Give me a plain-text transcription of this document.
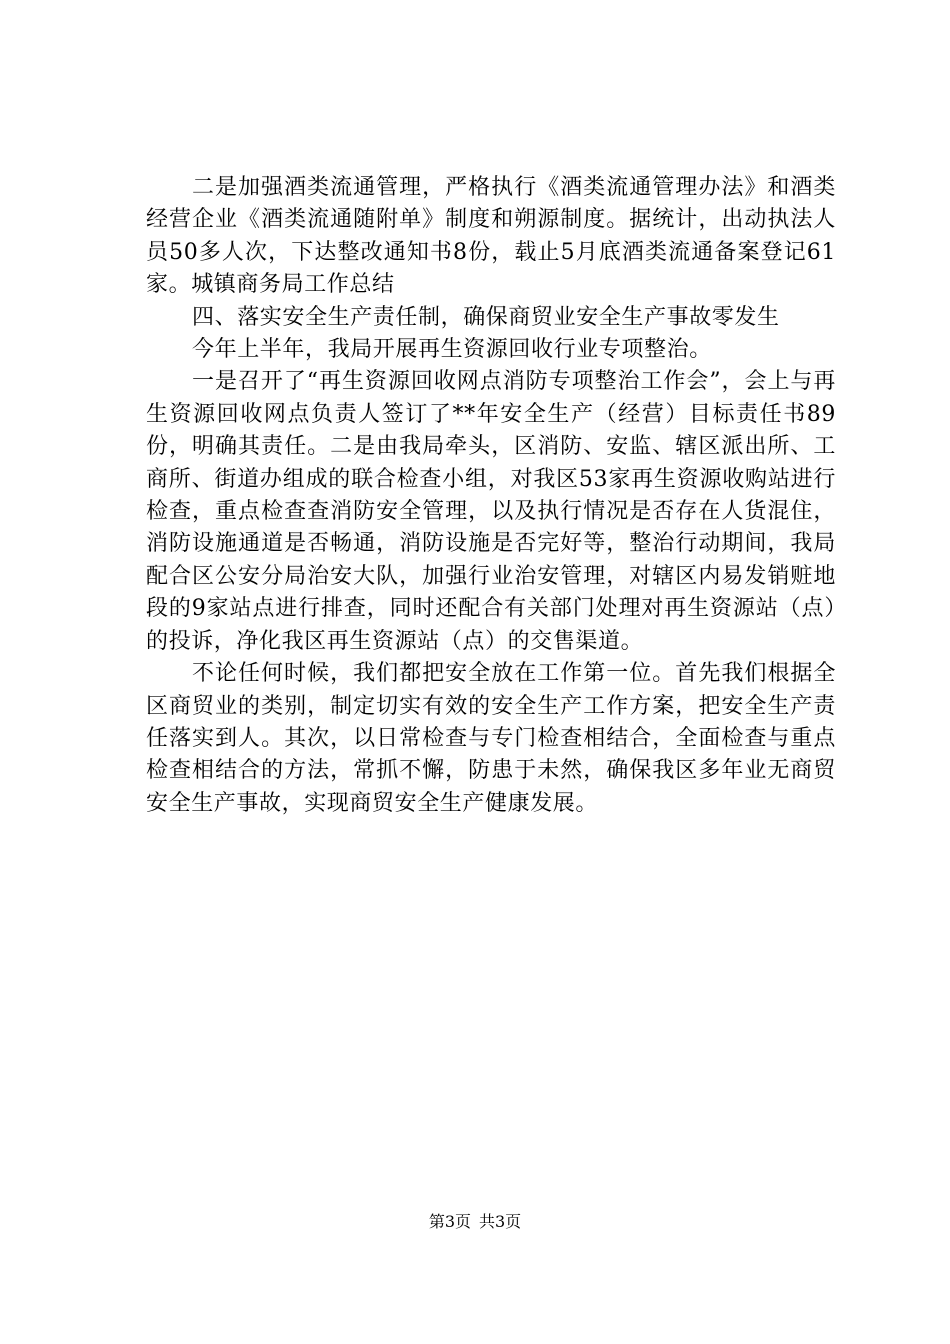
二是加强酒类流通管理，严格执行《酒类流通管理办法》和酒类经营企业《酒类流通随附单》制度和朔源制度。据统计，出动执法人员50多人次，下达整改通知书8份，载止5月底酒类流通备案登记61家。城镇商务局工作总结

四、落实安全生产责任制，确保商贸业安全生产事故零发生

今年上半年，我局开展再生资源回收行业专项整治。

一是召开了“再生资源回收网点消防专项整治工作会”，会上与再生资源回收网点负责人签订了**年安全生产（经营）目标责任书89份，明确其责任。二是由我局牵头，区消防、安监、辖区派出所、工商所、街道办组成的联合检查小组，对我区53家再生资源收购站进行检查，重点检查查消防安全管理，以及执行情况是否存在人货混住，消防设施通道是否畅通，消防设施是否完好等，整治行动期间，我局配合区公安分局治安大队，加强行业治安管理，对辖区内易发销赃地段的9家站点进行排查，同时还配合有关部门处理对再生资源站（点）的投诉，净化我区再生资源站（点）的交售渠道。

不论任何时候，我们都把安全放在工作第一位。首先我们根据全区商贸业的类别，制定切实有效的安全生产工作方案，把安全生产责任落实到人。其次，以日常检查与专门检查相结合，全面检查与重点检查相结合的方法，常抓不懈，防患于未然，确保我区多年业无商贸安全生产事故，实现商贸安全生产健康发展。

第3页 共3页
